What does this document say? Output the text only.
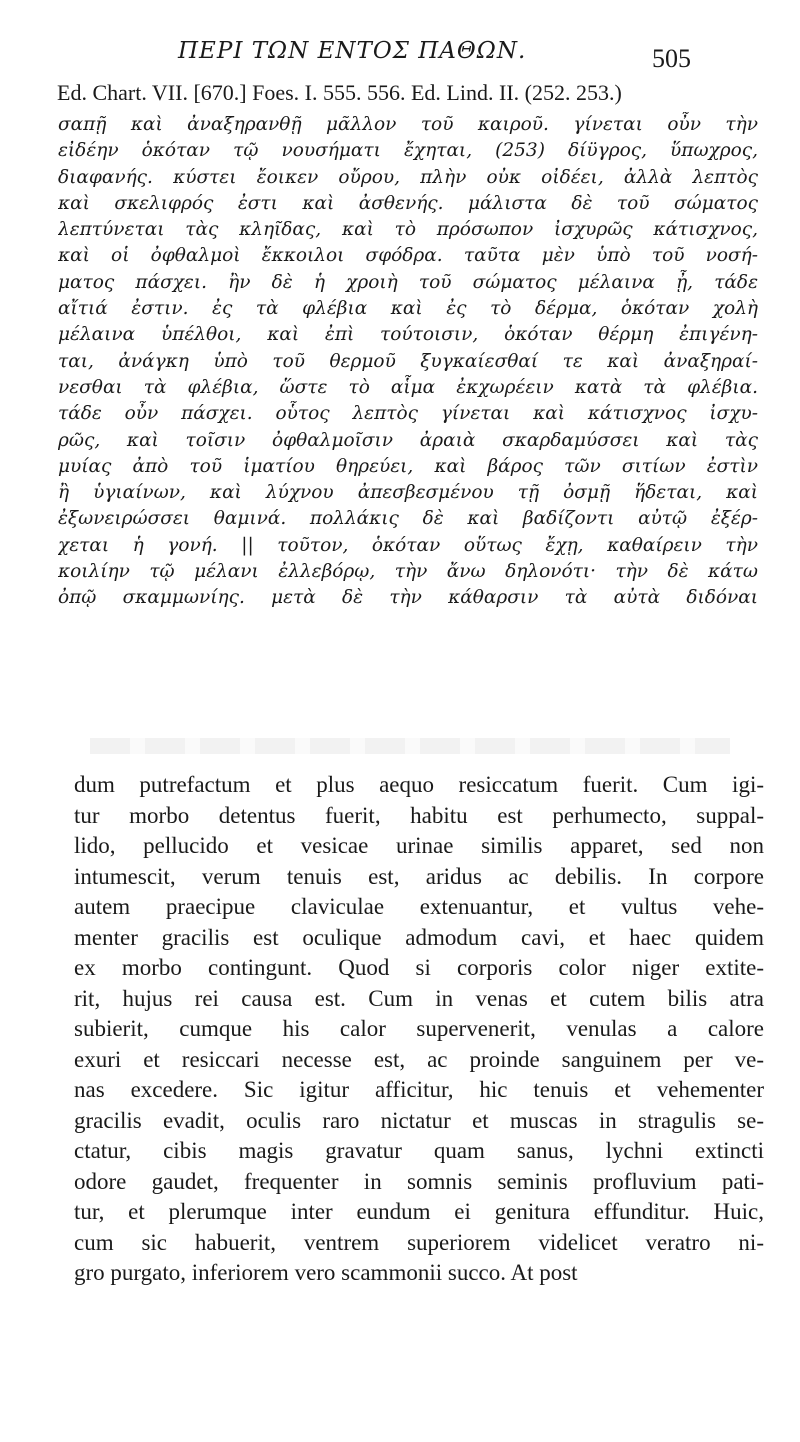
ΠΕΡΙ ΤΩΝ ΕΝΤΟΣ ΠΑΘΩΝ.	505
Ed. Chart. VII. [670.] Foes. I. 555. 556. Ed. Lind. II. (252. 253.)
σαπῇ καὶ ἀναξηρανθῇ μᾶλλον τοῦ καιροῦ. γίνεται οὖν τὴν
εἰδέην ὁκόταν τῷ νουσήματι ἔχηται, (253) δίϋγρος, ὕπωχρος,
διαφανής. κύστει ἔοικεν οὔρου, πλὴν οὐκ οἰδέει, ἀλλὰ λεπτὸς
καὶ σκελιφρός ἐστι καὶ ἀσθενής. μάλιστα δὲ τοῦ σώματος
λεπτύνεται τὰς κληῖδας, καὶ τὸ πρόσωπον ἰσχυρῶς κάτισχνος,
καὶ οἱ ὀφθαλμοὶ ἔκκοιλοι σφόδρα. ταῦτα μὲν ὑπὸ τοῦ νοσή-
ματος πάσχει. ἢν δὲ ἡ χροιὴ τοῦ σώματος μέλαινα ᾖ, τάδε
αἴτιά ἐστιν. ἐς τὰ φλέβια καὶ ἐς τὸ δέρμα, ὁκόταν χολὴ
μέλαινα ὑπέλθοι, καὶ ἐπὶ τούτοισιν, ὁκόταν θέρμη ἐπιγένη-
ται, ἀνάγκη ὑπὸ τοῦ θερμοῦ ξυγκαίεσθαί τε καὶ ἀναξηραί-
νεσθαι τὰ φλέβια, ὥστε τὸ αἷμα ἐκχωρέειν κατὰ τὰ φλέβια.
τάδε οὖν πάσχει. οὗτος λεπτὸς γίνεται καὶ κάτισχνος ἰσχυ-
ρῶς, καὶ τοῖσιν ὀφθαλμοῖσιν ἀραιὰ σκαρδαμύσσει καὶ τὰς
μυίας ἀπὸ τοῦ ἱματίου θηρεύει, καὶ βάρος τῶν σιτίων ἐστὶν
ἢ ὑγιαίνων, καὶ λύχνου ἀπεσβεσμένου τῇ ὀσμῇ ἥδεται, καὶ
ἐξωνειρώσσει θαμινά. πολλάκις δὲ καὶ βαδίζοντι αὐτῷ ἐξέρ-
χεται ἡ γονή. || τοῦτον, ὁκόταν οὕτως ἔχῃ, καθαίρειν τὴν
κοιλίην τῷ μέλανι ἐλλεβόρῳ, τὴν ἄνω δηλονότι· τὴν δὲ κάτω
ὀπῷ σκαμμωνίης. μετὰ δὲ τὴν κάθαρσιν τὰ αὐτὰ διδόναι
dum putrefactum et plus aequo resiccatum fuerit. Cum igi-
tur morbo detentus fuerit, habitu est perhumecto, suppal-
lido, pellucido et vesicae urinae similis apparet, sed non
intumescit, verum tenuis est, aridus ac debilis. In corpore
autem praecipue claviculae extenuantur, et vultus vehe-
menter gracilis est oculique admodum cavi, et haec quidem
ex morbo contingunt. Quod si corporis color niger extite-
rit, hujus rei causa est. Cum in venas et cutem bilis atra
subierit, cumque his calor supervenerit, venulas a calore
exuri et resiccari necesse est, ac proinde sanguinem per ve-
nas excedere. Sic igitur afficitur, hic tenuis et vehementer
gracilis evadit, oculis raro nictatur et muscas in stragulis se-
ctatur, cibis magis gravatur quam sanus, lychni extincti
odore gaudet, frequenter in somnis seminis profluvium pati-
tur, et plerumque inter eundum ei genitura effunditur. Huic,
cum sic habuerit, ventrem superiorem videlicet veratro ni-
gro purgato, inferiorem vero scammonii succo. At post
